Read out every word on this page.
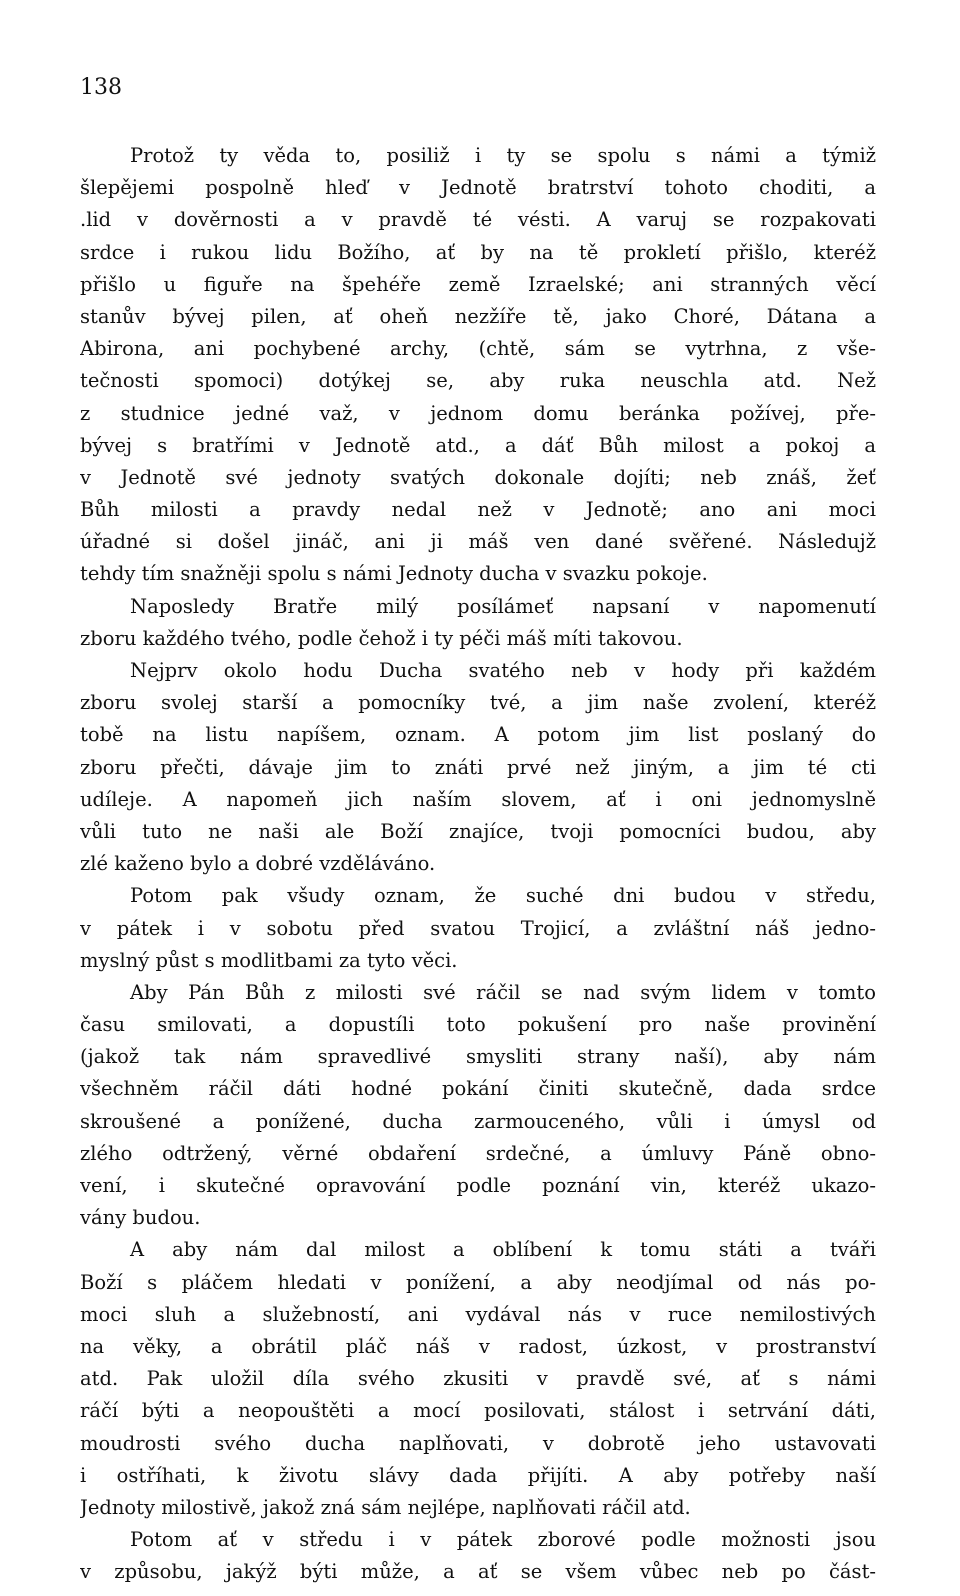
138
Protož ty věda to, posiliž i ty se spolu s námi a týmiž
šlepějemi pospolně hleď v Jednotě bratrství tohoto choditi, a
.lid v dověrnosti a v pravdě té vésti. A varuj se rozpakovati
srdce i rukou lidu Božího, ať by na tě prokletí přišlo, kteréž
přišlo u figuře na špehéře země Izraelské; ani stranných věcí
stanův bývej pilen, ať oheň nezžíře tě, jako Choré, Dátana a
Abirona, ani pochybené archy, (chtě, sám se vytrhna, z vše-
tečnosti spomoci) dotýkej se, aby ruka neuschla atd. Než
z studnice jedné važ, v jednom domu beránka požívej, pře-
bývej s bratřími v Jednotě atd., a dáť Bůh milost a pokoj a
v Jednotě své jednoty svatých dokonale dojíti; neb znáš, žeť
Bůh milosti a pravdy nedal než v Jednotě; ano ani moci
úřadné si došel jináč, ani ji máš ven dané svěřené. Následujž
tehdy tím snažněji spolu s námi Jednoty ducha v svazku pokoje.
Naposledy Bratře milý posílámeť napsaní v napomenutí
zboru každého tvého, podle čehož i ty péči máš míti takovou.
Nejprv okolo hodu Ducha svatého neb v hody při každém
zboru svolej starší a pomocníky tvé, a jim naše zvolení, kteréž
tobě na listu napíšem, oznam. A potom jim list poslaný do
zboru přečti, dávaje jim to znáti prvé než jiným, a jim té cti
udíleje. A napomeň jich naším slovem, ať i oni jednomyslně
vůli tuto ne naši ale Boží znajíce, tvoji pomocníci budou, aby
zlé kaženo bylo a dobré vzděláváno.
Potom pak všudy oznam, že suché dni budou v středu,
v pátek i v sobotu před svatou Trojicí, a zvláštní náš jedno-
myslný půst s modlitbami za tyto věci.
Aby Pán Bůh z milosti své ráčil se nad svým lidem v tomto
času smilovati, a dopustíli toto pokušení pro naše provinění
(jakož tak nám spravedlivé smysliti strany naší), aby nám
všechněm ráčil dáti hodné pokání činiti skutečně, dada srdce
skroušené a ponížené, ducha zarmouceného, vůli i úmysl od
zlého odtržený, věrné obdaření srdečné, a úmluvy Páně obno-
vení, i skutečné opravování podle poznání vin, kteréž ukazo-
vány budou.
A aby nám dal milost a oblíbení k tomu státi a tváři
Boží s pláčem hledati v ponížení, a aby neodjímal od nás po-
moci sluh a služebností, ani vydával nás v ruce nemilostivých
na věky, a obrátil pláč náš v radost, úzkost, v prostranství
atd. Pak uložil díla svého zkusiti v pravdě své, ať s námi
ráčí býti a neopouštěti a mocí posilovati, stálost i setrvání dáti,
moudrosti svého ducha naplňovati, v dobrotě jeho ustavovati
i ostříhati, k životu slávy dada přijíti. A aby potřeby naší
Jednoty milostivě, jakož zná sám nejlépe, naplňovati ráčil atd.
Potom ať v středu i v pátek zborové podle možnosti jsou
v způsobu, jakýž býti může, a ať se všem vůbec neb po část-
